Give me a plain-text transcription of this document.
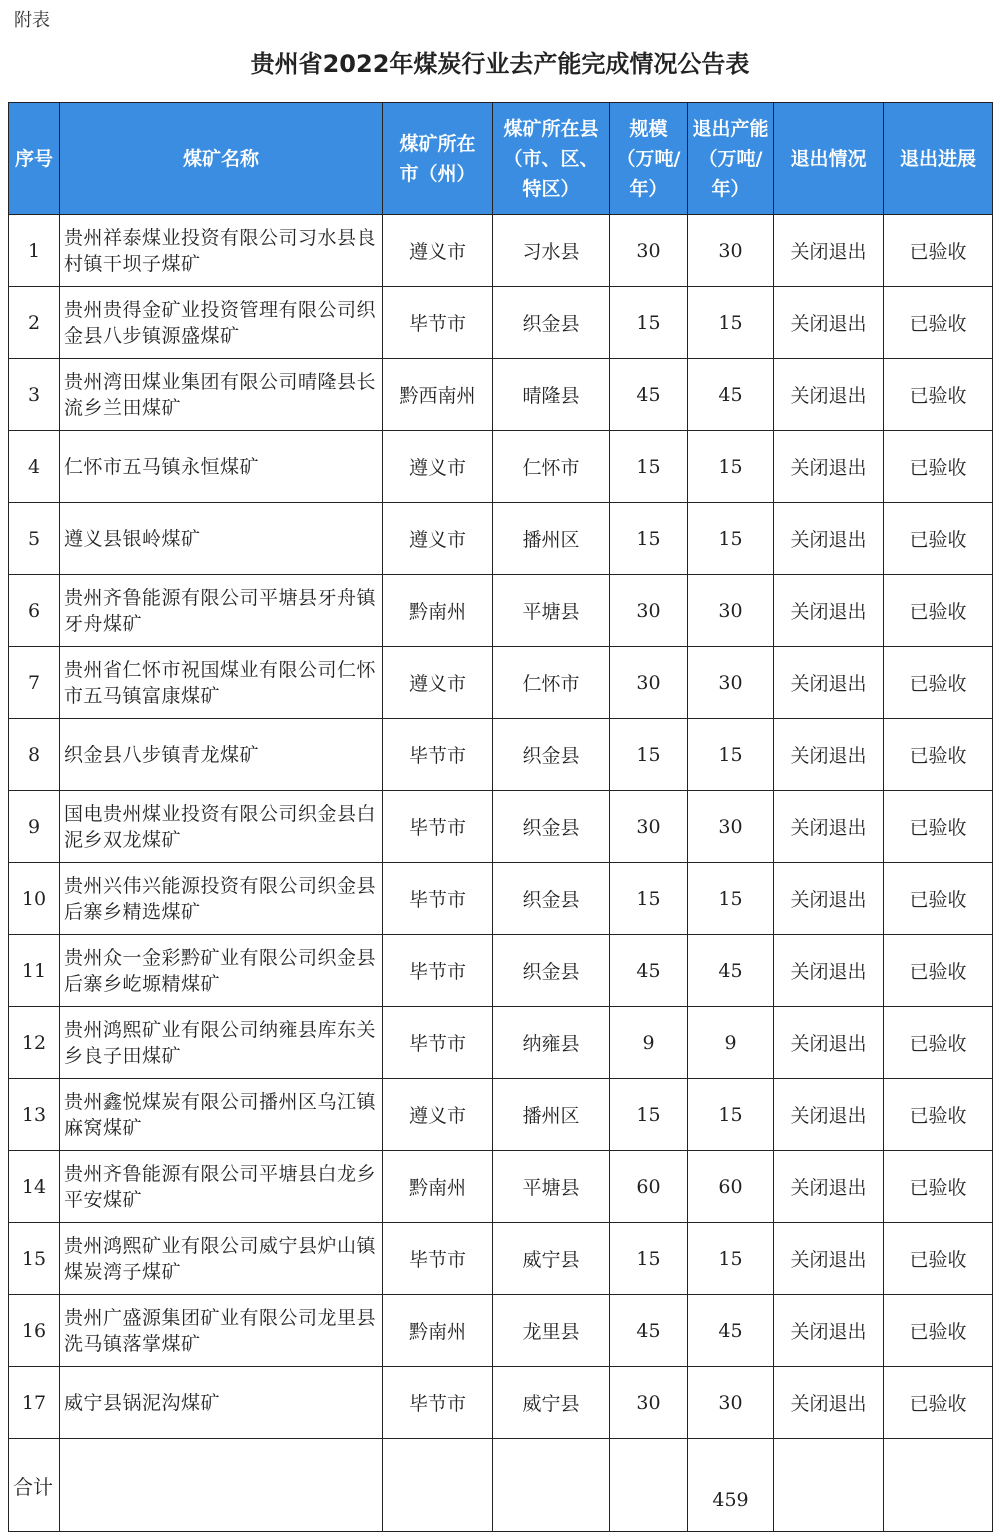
附表
贵州省2022年煤炭行业去产能完成情况公告表
序号	煤矿名称	煤矿所在市（州）	煤矿所在县（市、区、特区）	规模（万吨/年）	退出产能（万吨/年）	退出情况	退出进展
1	贵州祥泰煤业投资有限公司习水县良村镇干坝子煤矿	遵义市	习水县	30	30	关闭退出	已验收
2	贵州贵得金矿业投资管理有限公司织金县八步镇源盛煤矿	毕节市	织金县	15	15	关闭退出	已验收
3	贵州湾田煤业集团有限公司晴隆县长流乡兰田煤矿	黔西南州	晴隆县	45	45	关闭退出	已验收
4	仁怀市五马镇永恒煤矿	遵义市	仁怀市	15	15	关闭退出	已验收
5	遵义县银岭煤矿	遵义市	播州区	15	15	关闭退出	已验收
6	贵州齐鲁能源有限公司平塘县牙舟镇牙舟煤矿	黔南州	平塘县	30	30	关闭退出	已验收
7	贵州省仁怀市祝国煤业有限公司仁怀市五马镇富康煤矿	遵义市	仁怀市	30	30	关闭退出	已验收
8	织金县八步镇青龙煤矿	毕节市	织金县	15	15	关闭退出	已验收
9	国电贵州煤业投资有限公司织金县白泥乡双龙煤矿	毕节市	织金县	30	30	关闭退出	已验收
10	贵州兴伟兴能源投资有限公司织金县后寨乡精选煤矿	毕节市	织金县	15	15	关闭退出	已验收
11	贵州众一金彩黔矿业有限公司织金县后寨乡屹塬精煤矿	毕节市	织金县	45	45	关闭退出	已验收
12	贵州鸿熙矿业有限公司纳雍县库东关乡良子田煤矿	毕节市	纳雍县	9	9	关闭退出	已验收
13	贵州鑫悦煤炭有限公司播州区乌江镇麻窝煤矿	遵义市	播州区	15	15	关闭退出	已验收
14	贵州齐鲁能源有限公司平塘县白龙乡平安煤矿	黔南州	平塘县	60	60	关闭退出	已验收
15	贵州鸿熙矿业有限公司威宁县炉山镇煤炭湾子煤矿	毕节市	威宁县	15	15	关闭退出	已验收
16	贵州广盛源集团矿业有限公司龙里县洗马镇落掌煤矿	黔南州	龙里县	45	45	关闭退出	已验收
17	威宁县锅泥沟煤矿	毕节市	威宁县	30	30	关闭退出	已验收
合计					459		
